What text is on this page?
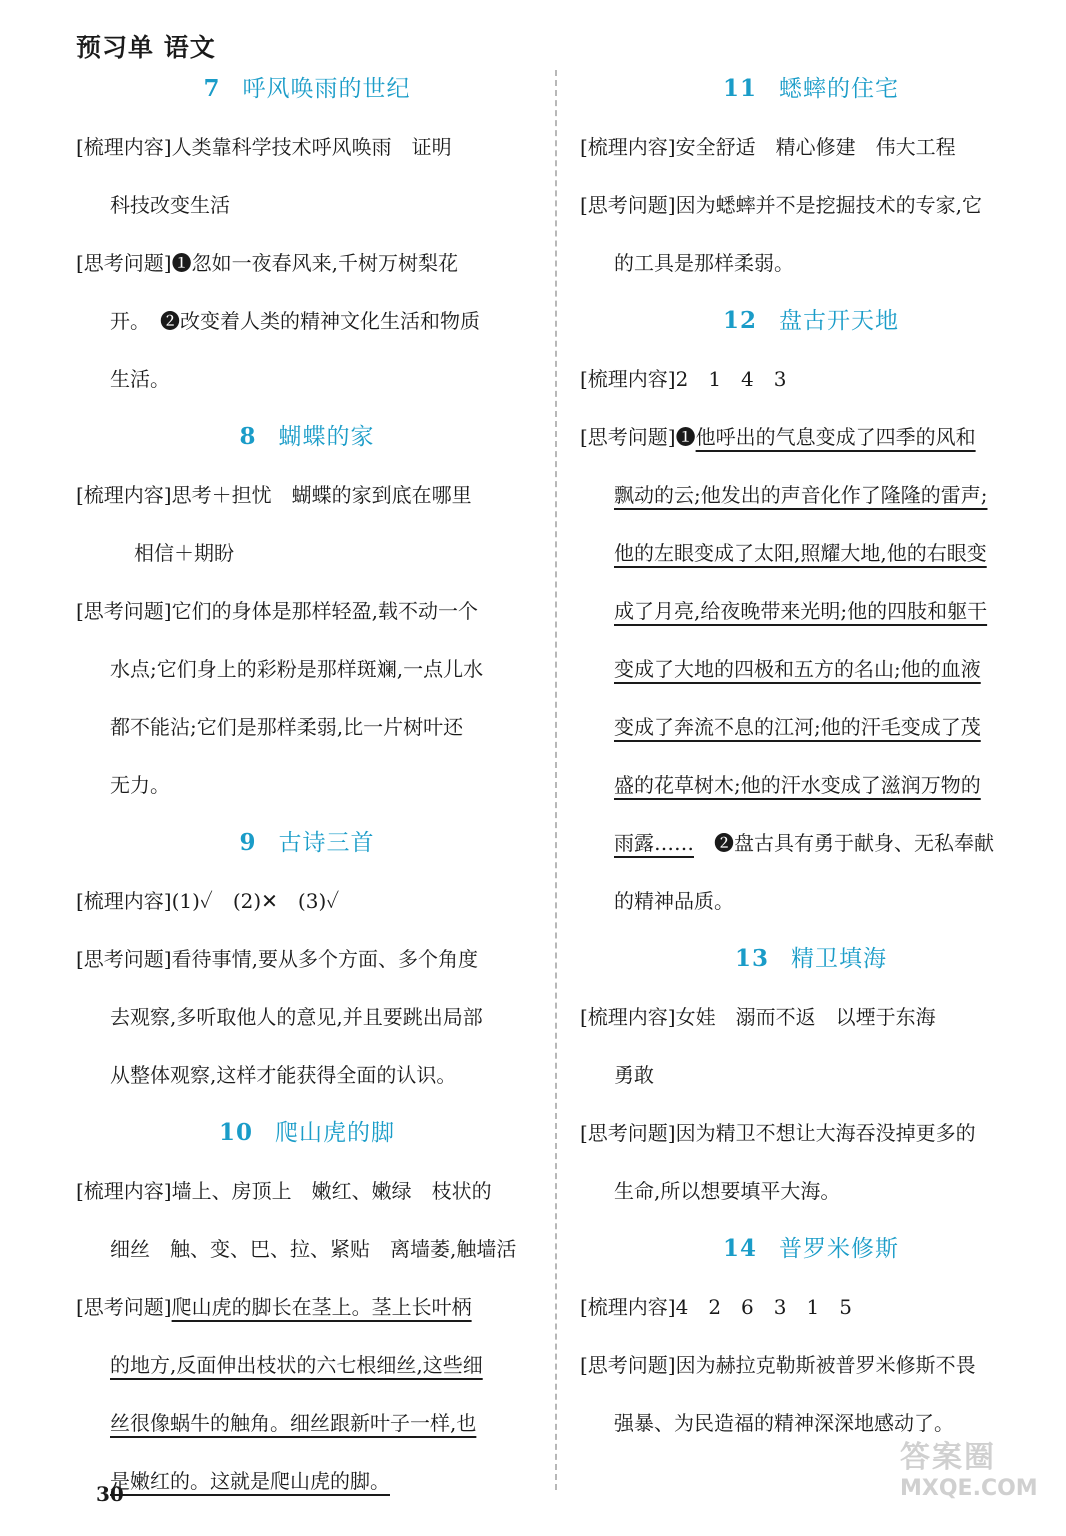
预习单 语文
7 呼风唤雨的世纪
[梳理内容]人类靠科学技术呼风唤雨　证明
科技改变生活
[思考问题]❶忽如一夜春风来,千树万树梨花
开。　❷改变着人类的精神文化生活和物质
生活。
8 蝴蝶的家
[梳理内容]思考＋担忧　蝴蝶的家到底在哪里
相信＋期盼
[思考问题]它们的身体是那样轻盈,载不动一个
水点;它们身上的彩粉是那样斑斓,一点儿水
都不能沾;它们是那样柔弱,比一片树叶还
无力。
9 古诗三首
[梳理内容](1)✓　(2)✕　(3)✓
[思考问题]看待事情,要从多个方面、多个角度
去观察,多听取他人的意见,并且要跳出局部
从整体观察,这样才能获得全面的认识。
10 爬山虎的脚
[梳理内容]墙上、房顶上　嫩红、嫩绿　枝状的
细丝　触、变、巴、拉、紧贴　离墙萎,触墙活
[思考问题]爬山虎的脚长在茎上。茎上长叶柄
的地方,反面伸出枝状的六七根细丝,这些细
丝很像蜗牛的触角。细丝跟新叶子一样,也
是嫩红的。这就是爬山虎的脚。
11 蟋蟀的住宅
[梳理内容]安全舒适　精心修建　伟大工程
[思考问题]因为蟋蟀并不是挖掘技术的专家,它
的工具是那样柔弱。
12 盘古开天地
[梳理内容]2　1　4　3
[思考问题]❶他呼出的气息变成了四季的风和
飘动的云;他发出的声音化作了隆隆的雷声;
他的左眼变成了太阳,照耀大地,他的右眼变
成了月亮,给夜晚带来光明;他的四肢和躯干
变成了大地的四极和五方的名山;他的血液
变成了奔流不息的江河;他的汗毛变成了茂
盛的花草树木;他的汗水变成了滋润万物的
雨露……　❷盘古具有勇于献身、无私奉献
的精神品质。
13 精卫填海
[梳理内容]女娃　溺而不返　以堙于东海
勇敢
[思考问题]因为精卫不想让大海吞没掉更多的
生命,所以想要填平大海。
14 普罗米修斯
[梳理内容]4　2　6　3　1　5
[思考问题]因为赫拉克勒斯被普罗米修斯不畏
强暴、为民造福的精神深深地感动了。
30
答案圈
MXQE.COM
